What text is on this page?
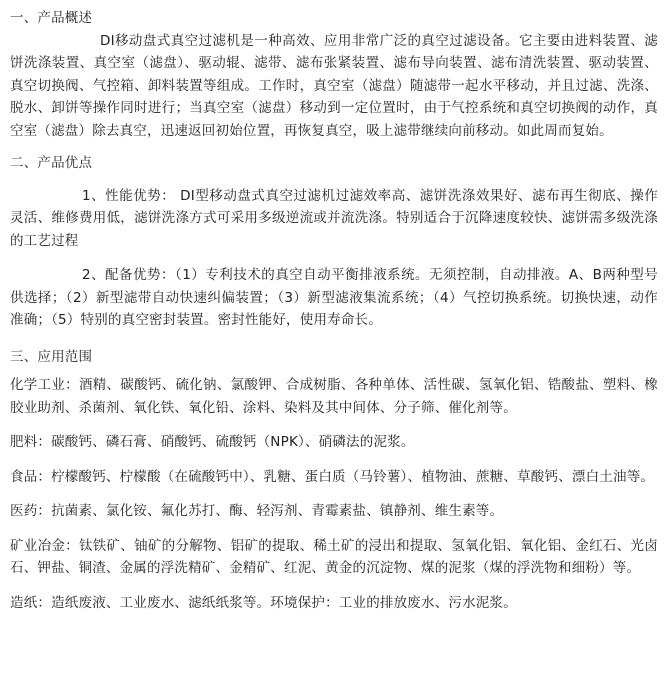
一、产品概述

DI移动盘式真空过滤机是一种高效、应用非常广泛的真空过滤设备。它主要由进料装置、滤饼洗涤装置、真空室（滤盘）、驱动辊、滤带、滤布张紧装置、滤布导向装置、滤布清洗装置、驱动装置、真空切换阀、气控箱、卸料装置等组成。工作时，真空室（滤盘）随滤带一起水平移动，并且过滤、洗涤、脱水、卸饼等操作同时进行；当真空室（滤盘）移动到一定位置时，由于气控系统和真空切换阀的动作，真空室（滤盘）除去真空，迅速返回初始位置，再恢复真空，吸上滤带继续向前移动。如此周而复始。

二、产品优点

1、性能优势： DI型移动盘式真空过滤机过滤效率高、滤饼洗涤效果好、滤布再生彻底、操作灵活、维修费用低，滤饼洗涤方式可采用多级逆流或并流洗涤。特别适合于沉降速度较快、滤饼需多级洗涤的工艺过程

2、配备优势：（1）专利技术的真空自动平衡排液系统。无须控制，自动排液。A、B两种型号供选择；（2）新型滤带自动快速纠偏装置；（3）新型滤液集流系统；（4）气控切换系统。切换快速，动作准确；（5）特别的真空密封装置。密封性能好，使用寿命长。

三、应用范围

化学工业：酒精、碳酸钙、硫化钠、氯酸钾、合成树脂、各种单体、活性碳、氢氧化铝、锆酸盐、塑料、橡胶业助剂、杀菌剂、氧化铁、氧化铅、涂料、染料及其中间体、分子筛、催化剂等。

肥料：碳酸钙、磷石膏、硝酸钙、硫酸钙（NPK）、硝磷法的泥浆。

食品：柠檬酸钙、柠檬酸（在硫酸钙中）、乳糖、蛋白质（马铃薯）、植物油、蔗糖、草酸钙、漂白土油等。

医药：抗菌素、氯化铵、氟化苏打、酶、轻泻剂、青霉素盐、镇静剂、维生素等。

矿业冶金：钛铁矿、铀矿的分解物、铝矿的提取、稀土矿的浸出和提取、氢氧化铝、氧化铝、金红石、光卤石、钾盐、铜渣、金属的浮洗精矿、金精矿、红泥、黄金的沉淀物、煤的泥浆（煤的浮洗物和细粉）等。

造纸：造纸废液、工业废水、滤纸纸浆等。环境保护：工业的排放废水、污水泥浆。
